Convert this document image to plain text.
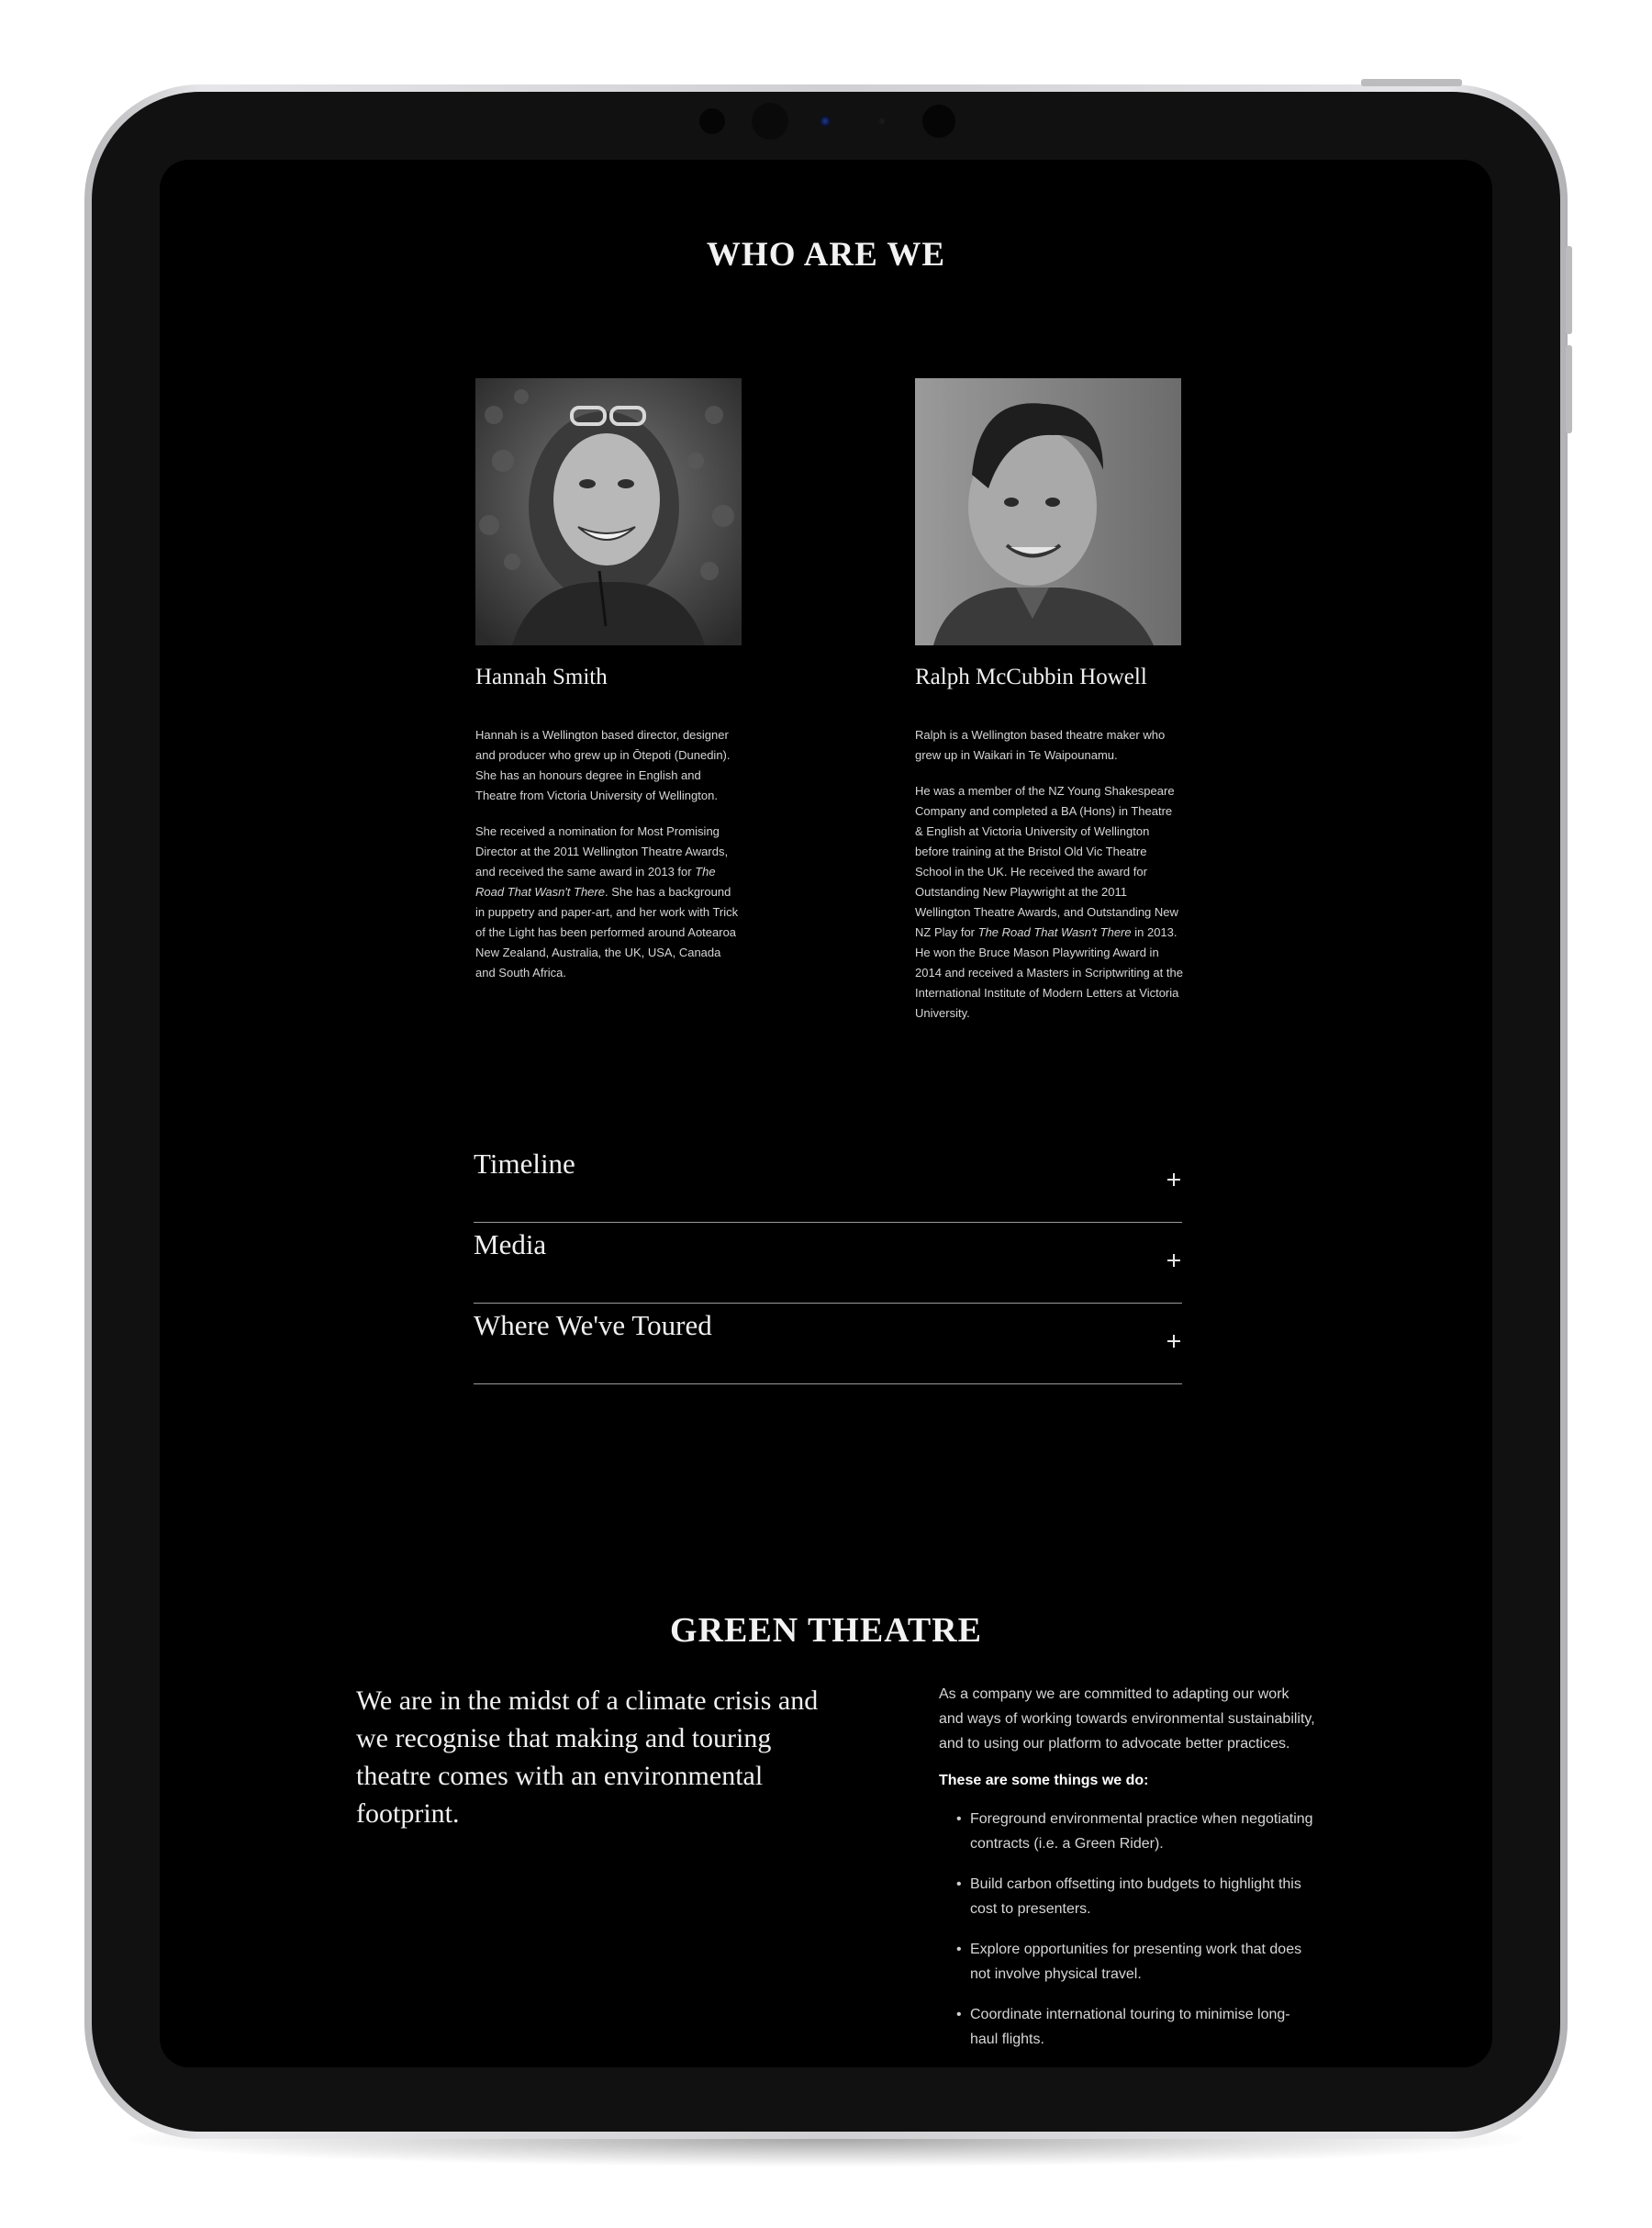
WHO ARE WE
Hannah Smith	Ralph McCubbin Howell

Hannah is a Wellington based director, designer and producer who grew up in Ōtepoti (Dunedin). She has an honours degree in English and Theatre from Victoria University of Wellington.

She received a nomination for Most Promising Director at the 2011 Wellington Theatre Awards, and received the same award in 2013 for The Road That Wasn't There. She has a background in puppetry and paper-art, and her work with Trick of the Light has been performed around Aotearoa New Zealand, Australia, the UK, USA, Canada and South Africa.

Ralph is a Wellington based theatre maker who grew up in Waikari in Te Waipounamu.

He was a member of the NZ Young Shakespeare Company and completed a BA (Hons) in Theatre & English at Victoria University of Wellington before training at the Bristol Old Vic Theatre School in the UK. He received the award for Outstanding New Playwright at the 2011 Wellington Theatre Awards, and Outstanding New NZ Play for The Road That Wasn't There in 2013. He won the Bruce Mason Playwriting Award in 2014 and received a Masters in Scriptwriting at the International Institute of Modern Letters at Victoria University.

Timeline
Media
Where We've Toured
GREEN THEATRE

We are in the midst of a climate crisis and we recognise that making and touring theatre comes with an environmental footprint.

As a company we are committed to adapting our work and ways of working towards environmental sustainability, and to using our platform to advocate better practices.

These are some things we do:

• Foreground environmental practice when negotiating contracts (i.e. a Green Rider).
• Build carbon offsetting into budgets to highlight this cost to presenters.
• Explore opportunities for presenting work that does not involve physical travel.
• Coordinate international touring to minimise long-haul flights.
